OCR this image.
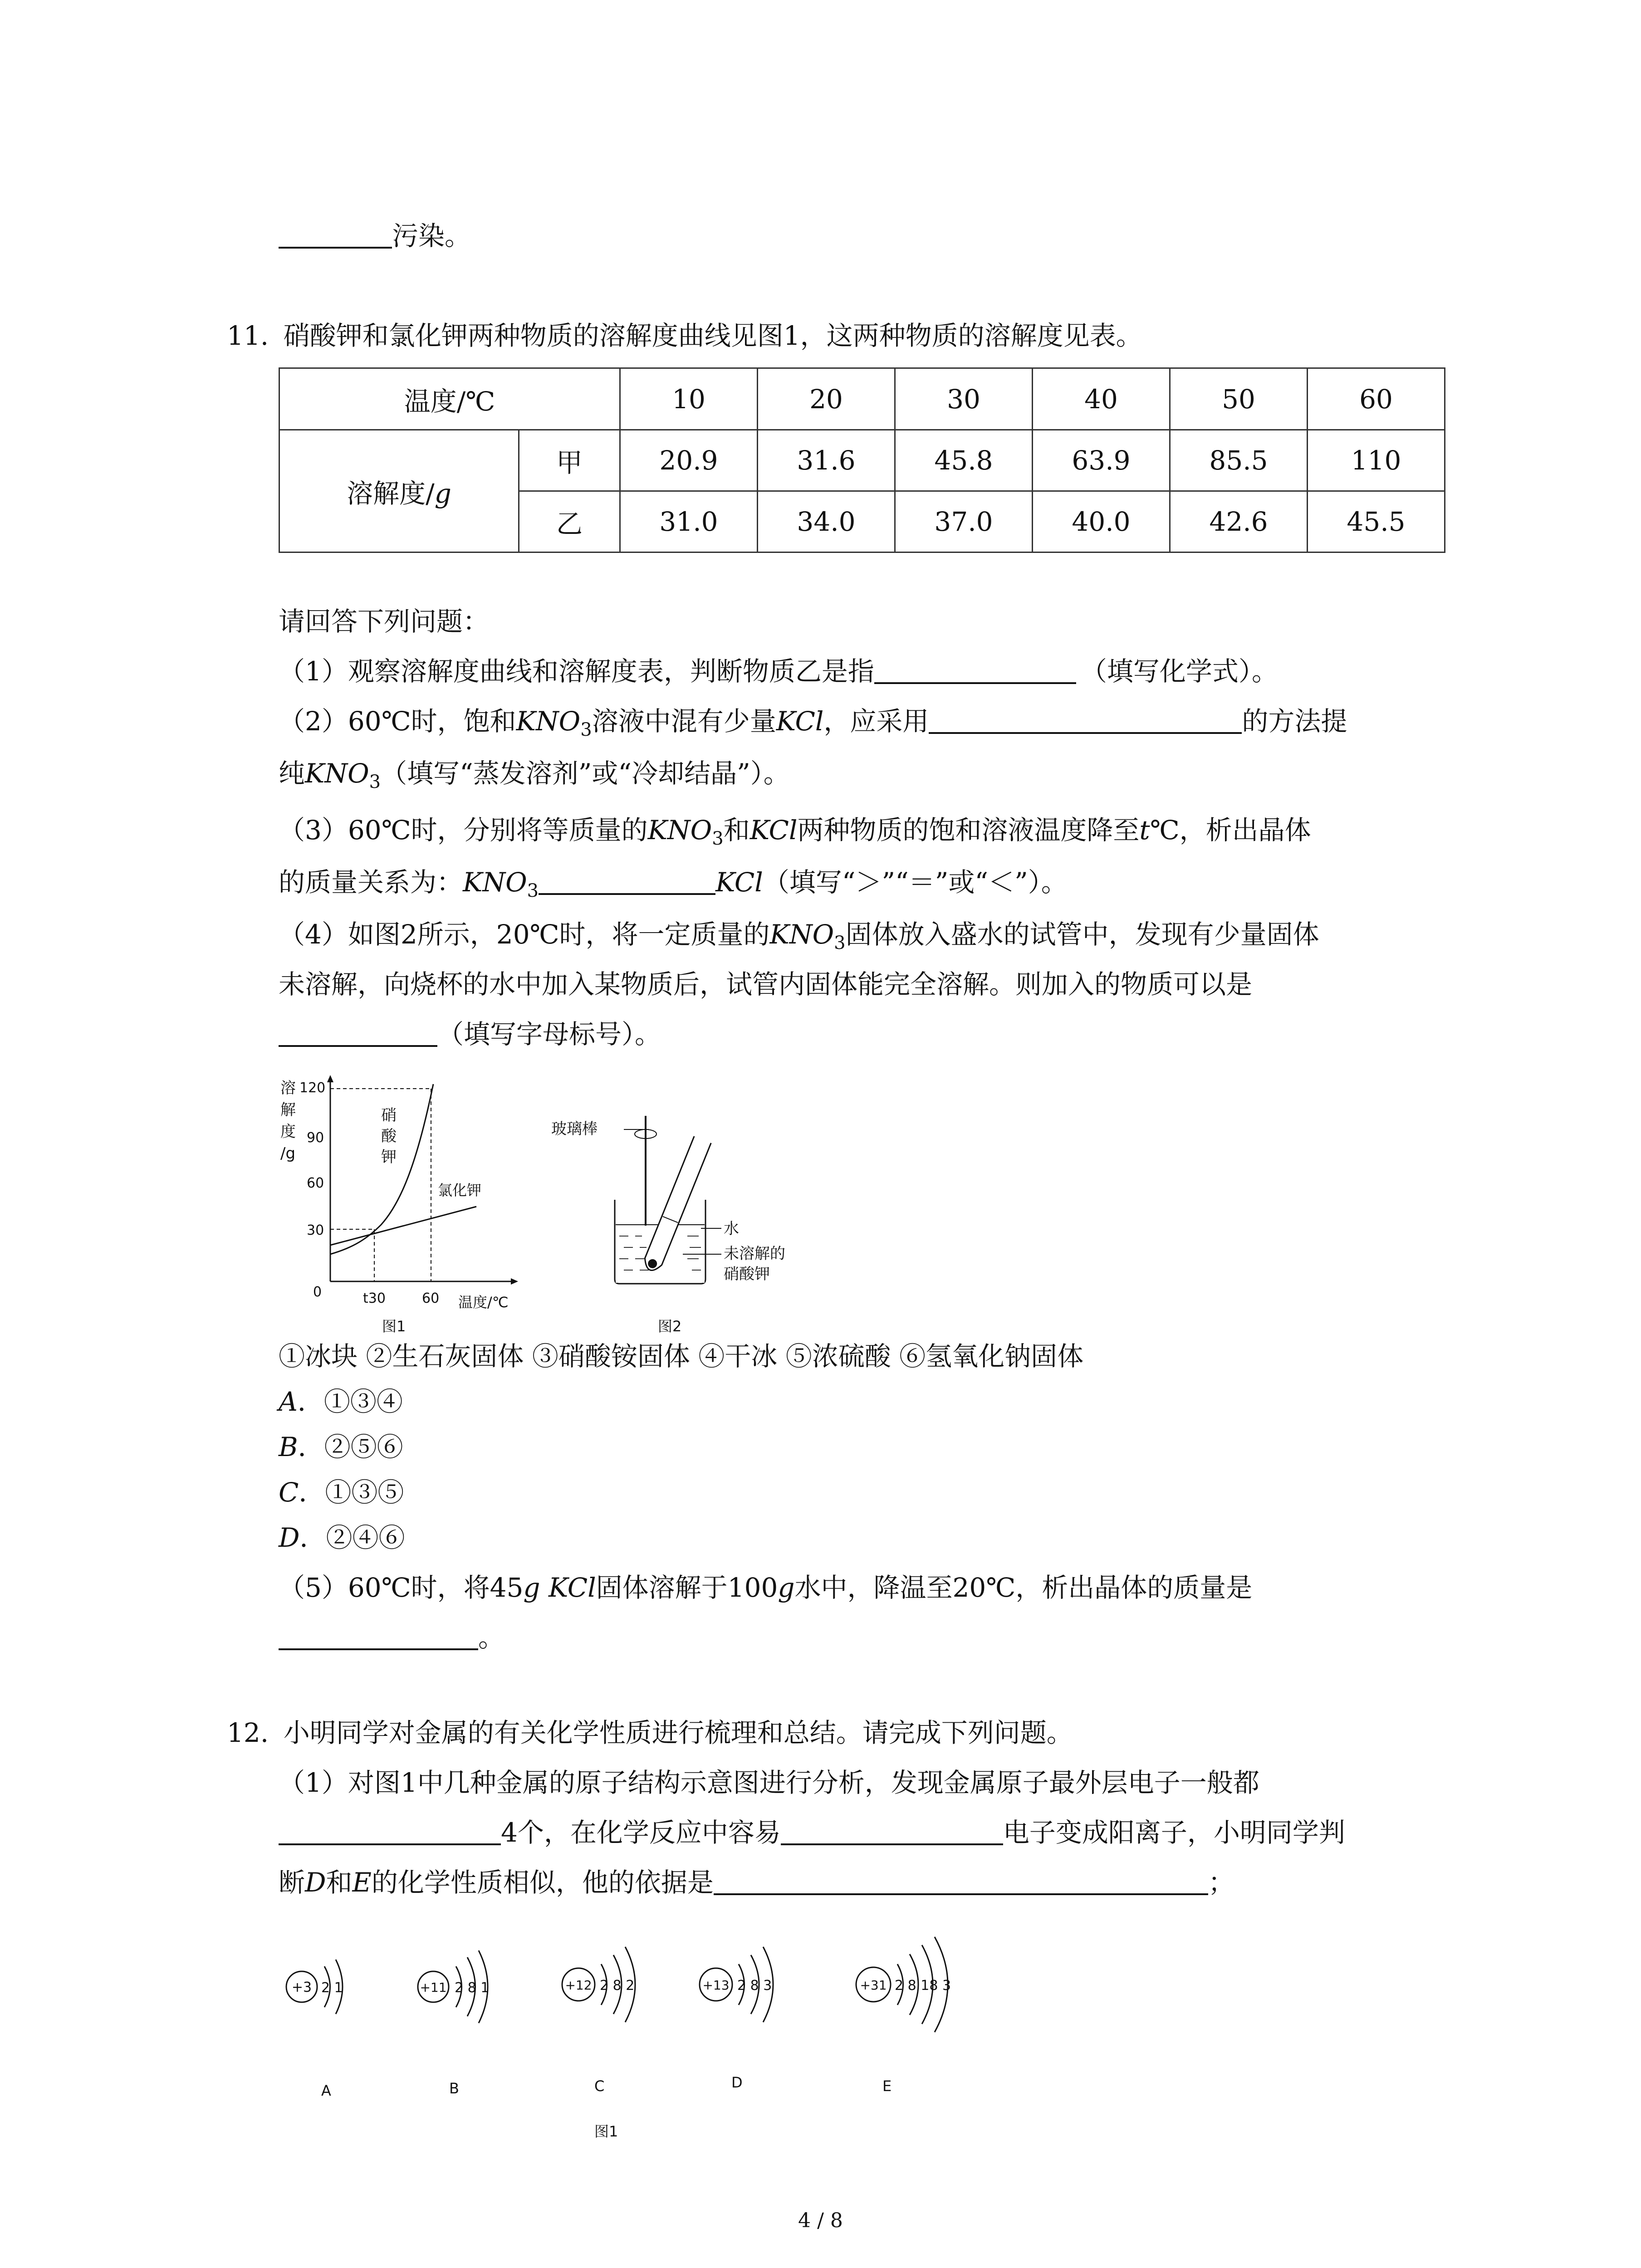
污染。
11. 硝酸钾和氯化钾两种物质的溶解度曲线见图1，这两种物质的溶解度见表。
温度/℃		10	20	30	40	50	60
溶解度/g	甲	20.9	31.6	45.8	63.9	85.5	110
	乙	31.0	34.0	37.0	40.0	42.6	45.5
请回答下列问题：
（1）观察溶解度曲线和溶解度表，判断物质乙是指	（填写化学式）。
（2）60℃时，饱和$KNO_3$溶液中混有少量KCl，应采用	的方法提
纯$KNO_3$（填写“蒸发溶剂”或“冷却结晶”）。
（3）60℃时，分别将等质量的$KNO_3$和KCl两种物质的饱和溶液温度降至t℃，析出晶体
的质量关系为：$KNO_3$	KCl（填写“＞”“＝”或“＜”）。
（4）如图2所示，20℃时，将一定质量的$KNO_3$固体放入盛水的试管中，发现有少量固体
未溶解，向烧杯的水中加入某物质后，试管内固体能完全溶解。则加入的物质可以是
（填写字母标号）。
溶
解
度
/g
120
90
60
30
0
硝
酸
钾
氯化钾
t30	60 温度/℃
图1
玻璃棒
水
未溶解的
硝酸钾
图2
①冰块 ②生石灰固体 ③硝酸铵固体 ④干冰 ⑤浓硫酸 ⑥氢氧化钠固体
A．①③④
B．②⑤⑥
C．①③⑤
D．②④⑥
（5）60℃时，将45g KCl固体溶解于100g水中，降温至20℃，析出晶体的质量是
。
12. 小明同学对金属的有关化学性质进行梳理和总结。请完成下列问题。
（1）对图1中几种金属的原子结构示意图进行分析，发现金属原子最外层电子一般都
4个，在化学反应中容易	电子变成阳离子，小明同学判
断D和E的化学性质相似，他的依据是	；
+3 2 1
A
+11 2 8 1
B
+12 2 8 2
C
+13 2 8 3
D
+31 2 8 18 3
E
图1
4 / 8
